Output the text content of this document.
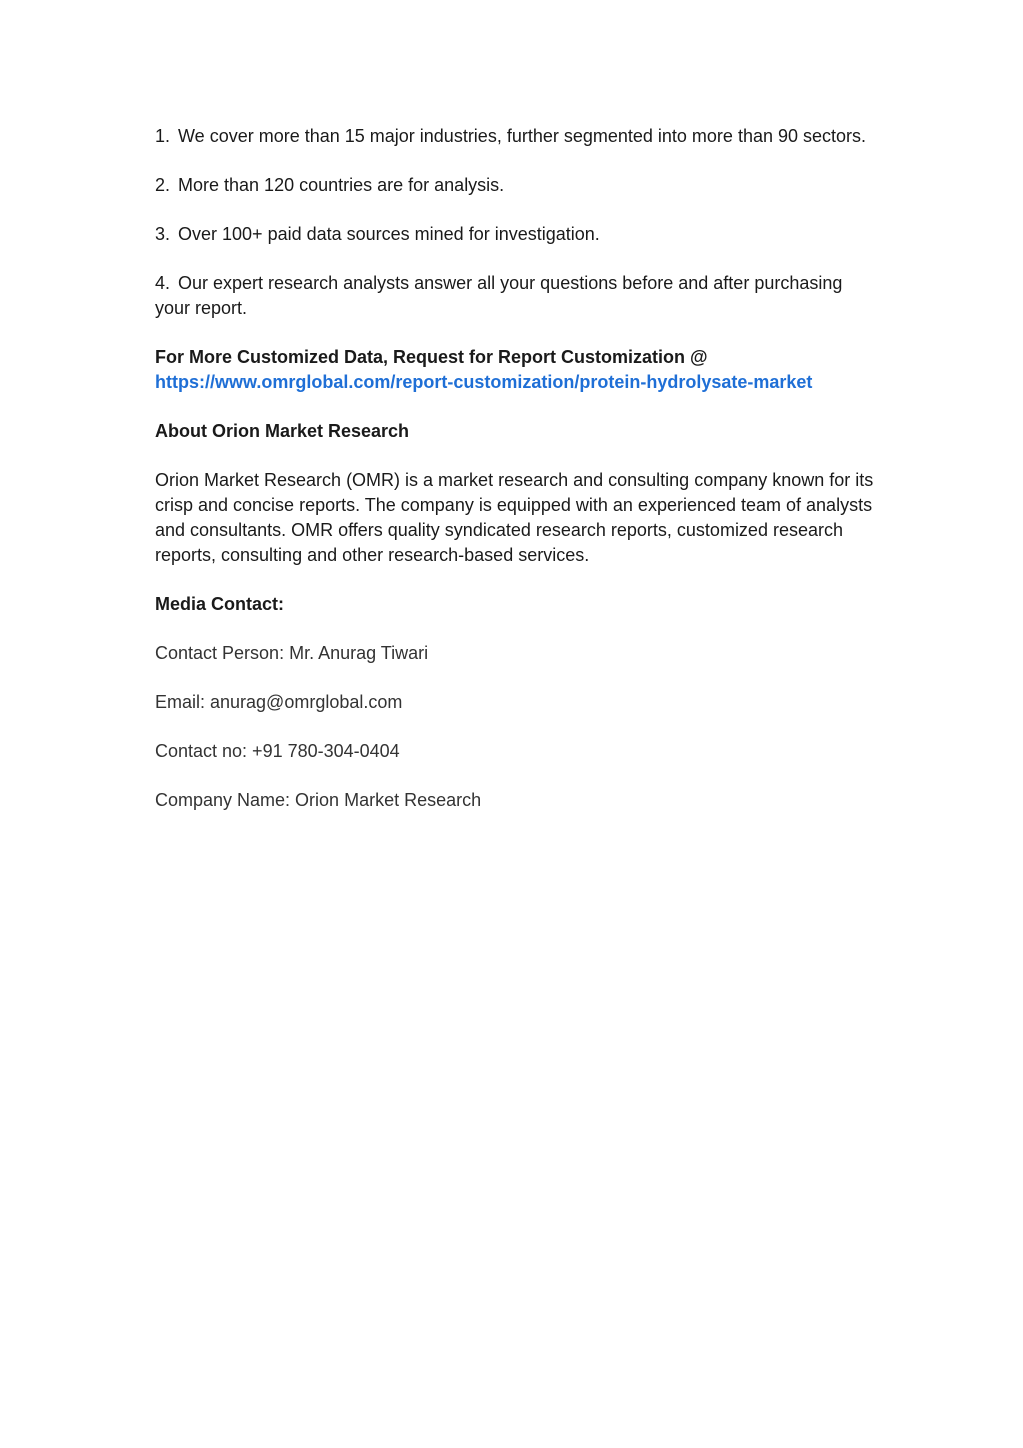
1. We cover more than 15 major industries, further segmented into more than 90 sectors.

2. More than 120 countries are for analysis.

3. Over 100+ paid data sources mined for investigation.

4. Our expert research analysts answer all your questions before and after purchasing your report.

For More Customized Data, Request for Report Customization @
https://www.omrglobal.com/report-customization/protein-hydrolysate-market

About Orion Market Research

Orion Market Research (OMR) is a market research and consulting company known for its crisp and concise reports. The company is equipped with an experienced team of analysts and consultants. OMR offers quality syndicated research reports, customized research reports, consulting and other research-based services.

Media Contact:

Contact Person: Mr. Anurag Tiwari

Email: anurag@omrglobal.com

Contact no: +91 780-304-0404

Company Name: Orion Market Research
